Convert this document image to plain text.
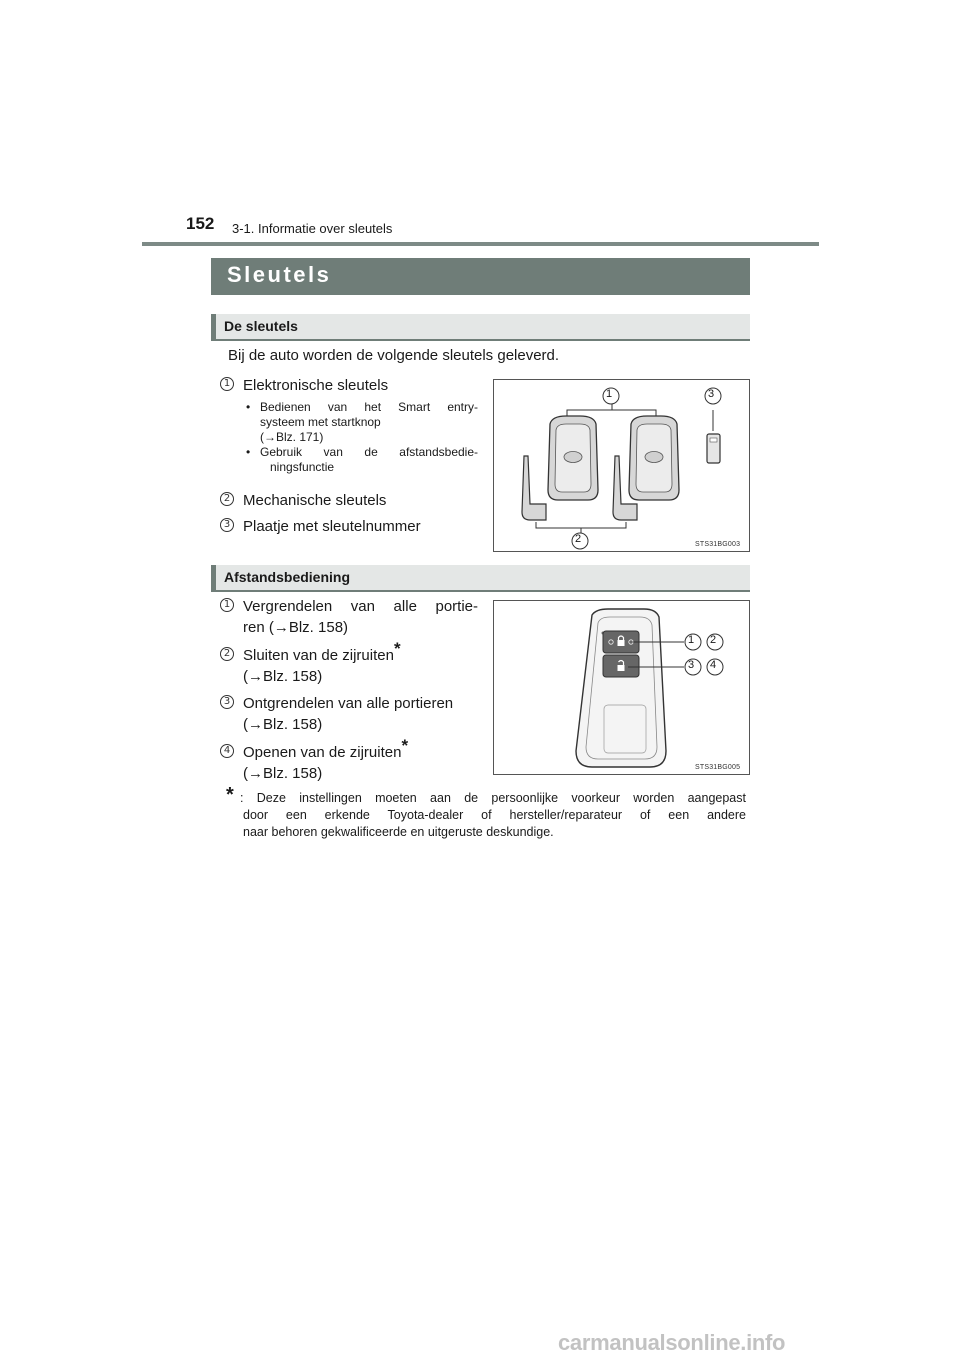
152 3-1. Informatie over sleutels
Sleutels
De sleutels
Bij de auto worden de volgende sleutels geleverd.
1 Elektronische sleutels
• Bedienen van het Smart entry-
systeem met startknop
(→Blz. 171)
• Gebruik van de afstandsbedie-
ningsfunctie
2 Mechanische sleutels
3 Plaatje met sleutelnummer
1
2
3
STS31BG003
Afstandsbediening
1 Vergrendelen van alle portie-
ren (→Blz. 158)
2 Sluiten van de zijruiten*
(→Blz. 158)
3 Ontgrendelen van alle portieren
(→Blz. 158)
4 Openen van de zijruiten*
(→Blz. 158)
1 2
3 4
STS31BG005
* : Deze instellingen moeten aan de persoonlijke voorkeur worden aangepast
door een erkende Toyota-dealer of hersteller/reparateur of een andere
naar behoren gekwalificeerde en uitgeruste deskundige.
carmanualsonline.info
